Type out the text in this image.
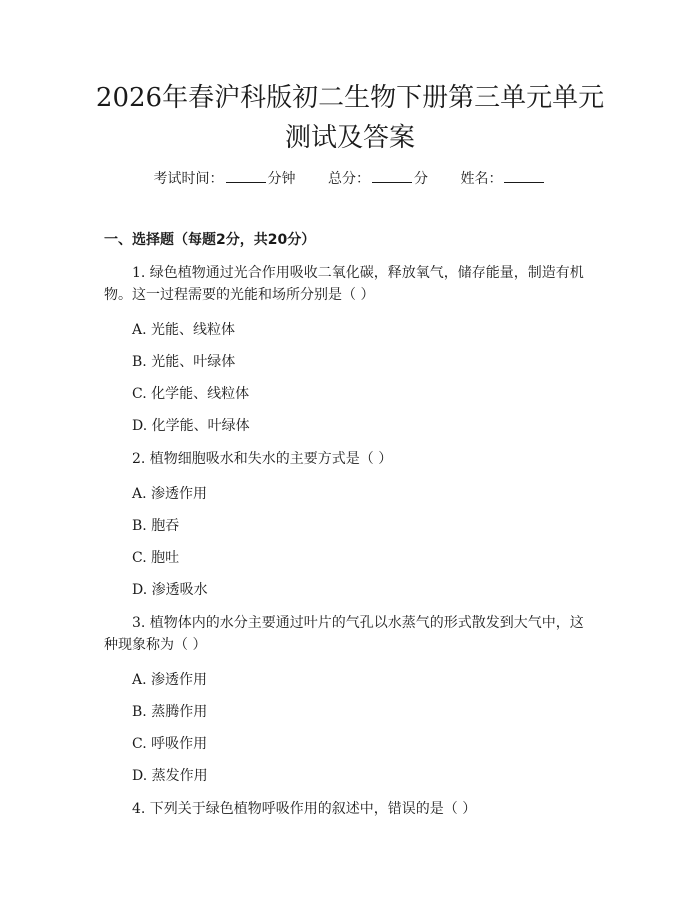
2026年春沪科版初二生物下册第三单元单元
测试及答案
考试时间：	分钟 总分：	分 姓名：
一、选择题（每题2分，共20分）

1. 绿色植物通过光合作用吸收二氧化碳，释放氧气，储存能量，制造有机物。这一过程需要的光能和场所分别是（ ）

A. 光能、线粒体
B. 光能、叶绿体
C. 化学能、线粒体
D. 化学能、叶绿体

2. 植物细胞吸水和失水的主要方式是（ ）

A. 渗透作用
B. 胞吞
C. 胞吐
D. 渗透吸水

3. 植物体内的水分主要通过叶片的气孔以水蒸气的形式散发到大气中，这种现象称为（ ）

A. 渗透作用
B. 蒸腾作用
C. 呼吸作用
D. 蒸发作用

4. 下列关于绿色植物呼吸作用的叙述中，错误的是（ ）
